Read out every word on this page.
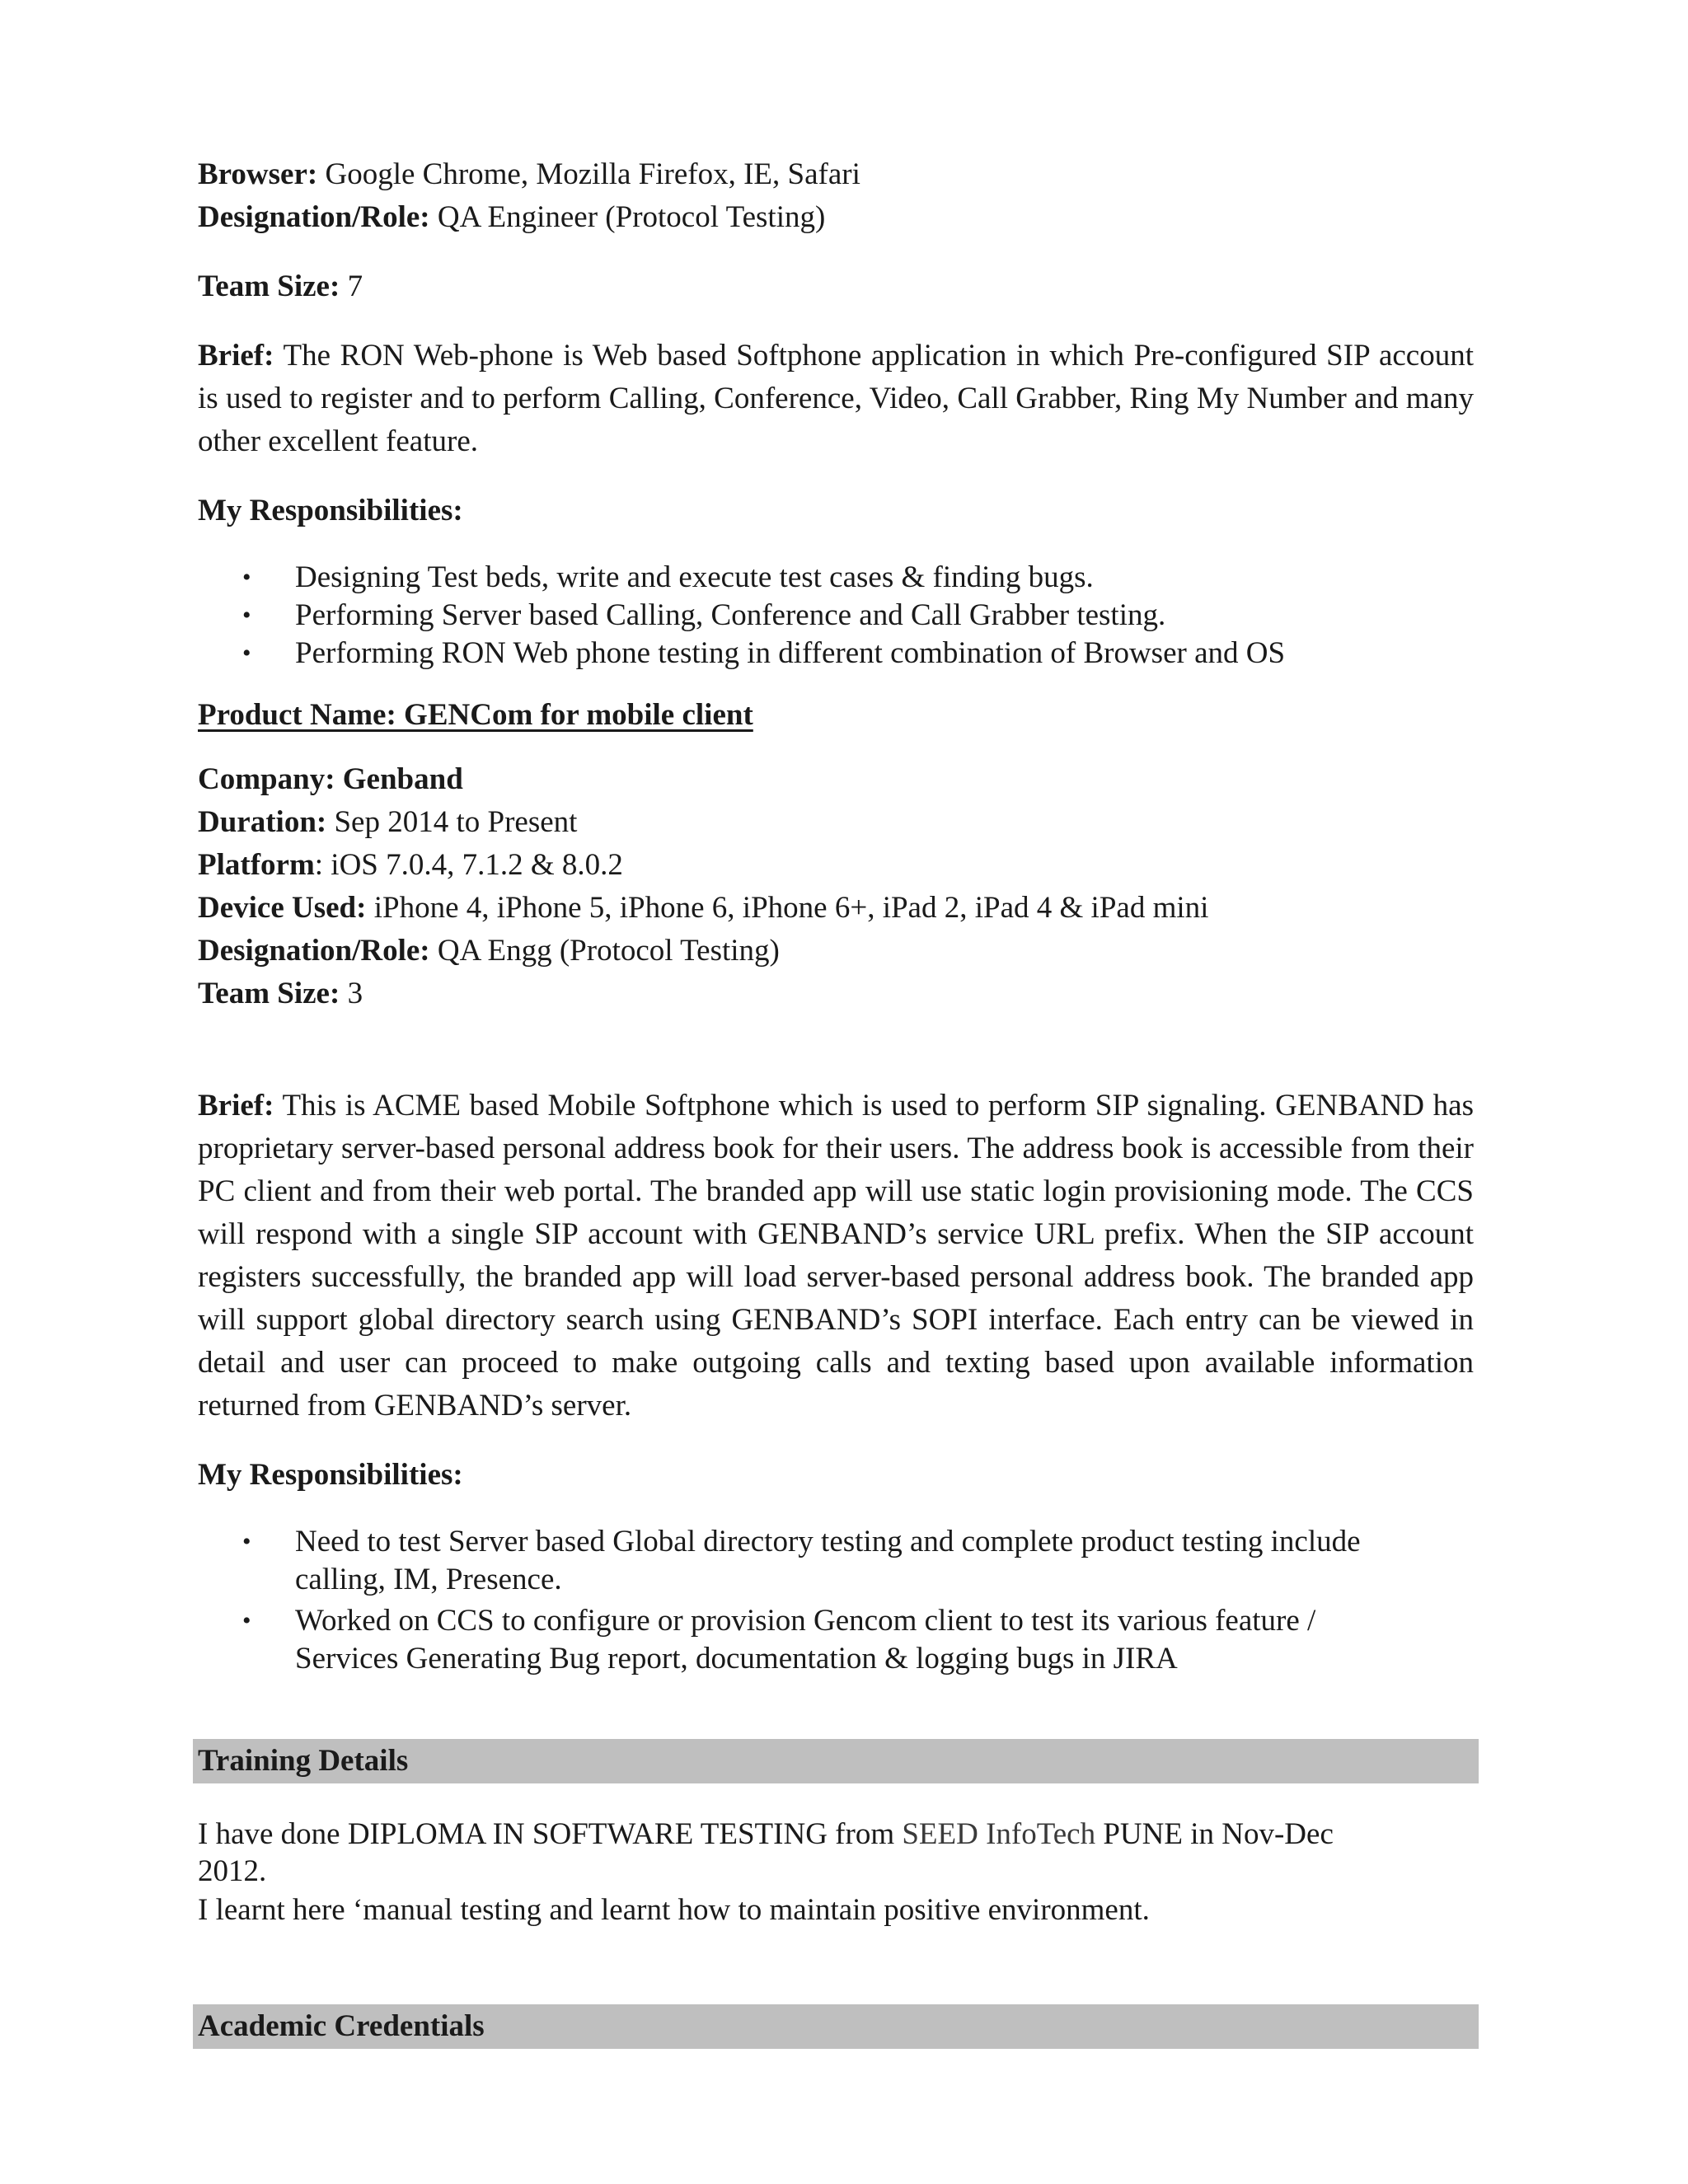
Browser: Google Chrome, Mozilla Firefox, IE, Safari

Designation/Role: QA Engineer (Protocol Testing)

Team Size: 7

Brief: The RON Web-phone is Web based Softphone application in which Pre-configured SIP account is used to register and to perform Calling, Conference, Video, Call Grabber, Ring My Number and many other excellent feature.

My Responsibilities:

• Designing Test beds, write and execute test cases & finding bugs.
• Performing Server based Calling, Conference and Call Grabber testing.
• Performing RON Web phone testing in different combination of Browser and OS

Product Name: GENCom for mobile client

Company: Genband

Duration: Sep 2014 to Present

Platform: iOS 7.0.4, 7.1.2 & 8.0.2

Device Used: iPhone 4, iPhone 5, iPhone 6, iPhone 6+, iPad 2, iPad 4 & iPad mini

Designation/Role: QA Engg (Protocol Testing)

Team Size: 3

Brief: This is ACME based Mobile Softphone which is used to perform SIP signaling. GENBAND has proprietary server-based personal address book for their users. The address book is accessible from their PC client and from their web portal. The branded app will use static login provisioning mode. The CCS will respond with a single SIP account with GENBAND’s service URL prefix. When the SIP account registers successfully, the branded app will load server-based personal address book. The branded app will support global directory search using GENBAND’s SOPI interface. Each entry can be viewed in detail and user can proceed to make outgoing calls and texting based upon available information returned from GENBAND’s server.

My Responsibilities:

• Need to test Server based Global directory testing and complete product testing include
calling, IM, Presence.
• Worked on CCS to configure or provision Gencom client to test its various feature /
Services Generating Bug report, documentation & logging bugs in JIRA
Training Details

I have done DIPLOMA IN SOFTWARE TESTING from SEED InfoTech PUNE in Nov-Dec

2012.

I learnt here ‘manual testing and learnt how to maintain positive environment.

Academic Credentials
